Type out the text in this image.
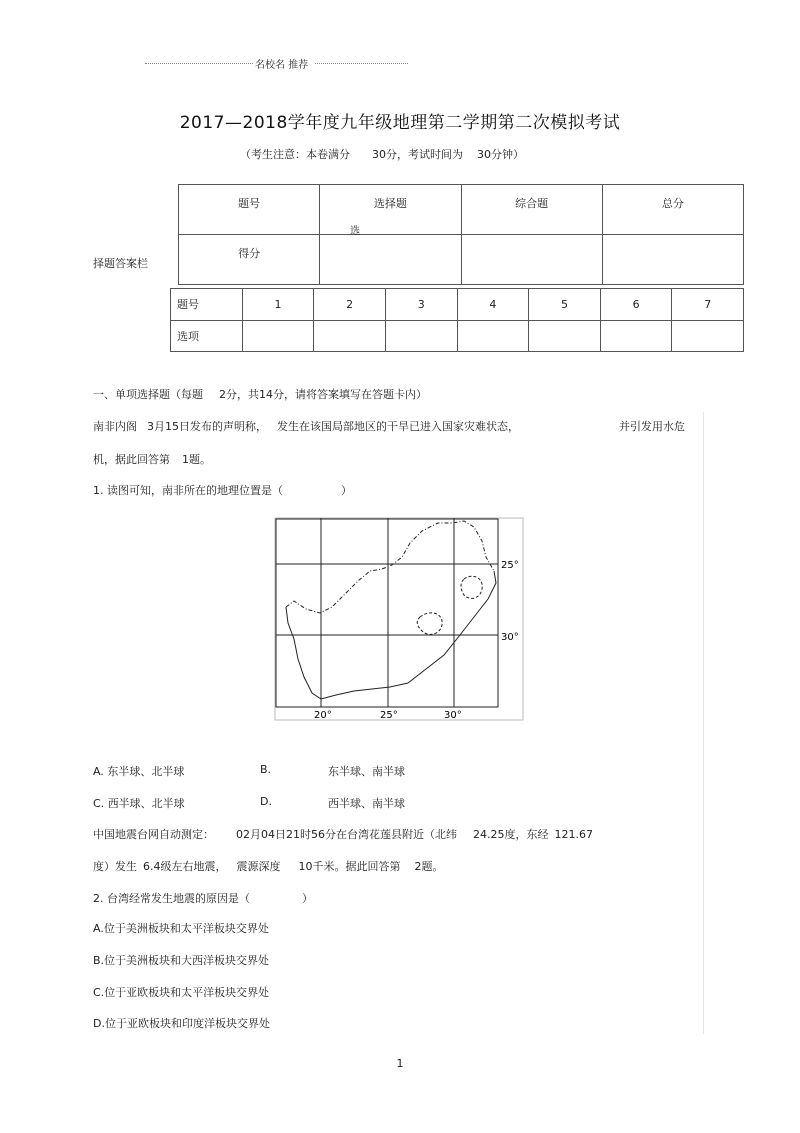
名校名 推荐
2017—2018学年度九年级地理第二学期第二次模拟考试
（考生注意：本卷满分 30分，考试时间为 30分钟）
题号	选择题	综合题	总分
得分			
选
择题答案栏
题号	1	2	3	4	5	6	7
选项							
一、单项选择题（每题 2分，共14分，请将答案填写在答题卡内）
南非内阁 3月15日发布的声明称， 发生在该国局部地区的干旱已进入国家灾难状态，	并引发用水危
机，据此回答第 1题。
1. 读图可知，南非所在的地理位置是（	）
25°
30°
20°	25°	30°
A. 东半球、北半球	B.	东半球、南半球
C. 西半球、北半球	D.	西半球、南半球
中国地震台网自动测定： 02月04日21时56分在台湾花莲县附近（北纬 24.25度，东经 121.67
度）发生 6.4级左右地震， 震源深度 10千米。据此回答第 2题。
2. 台湾经常发生地震的原因是（	）
A.位于美洲板块和太平洋板块交界处
B.位于美洲板块和大西洋板块交界处
C.位于亚欧板块和太平洋板块交界处
D.位于亚欧板块和印度洋板块交界处
1
